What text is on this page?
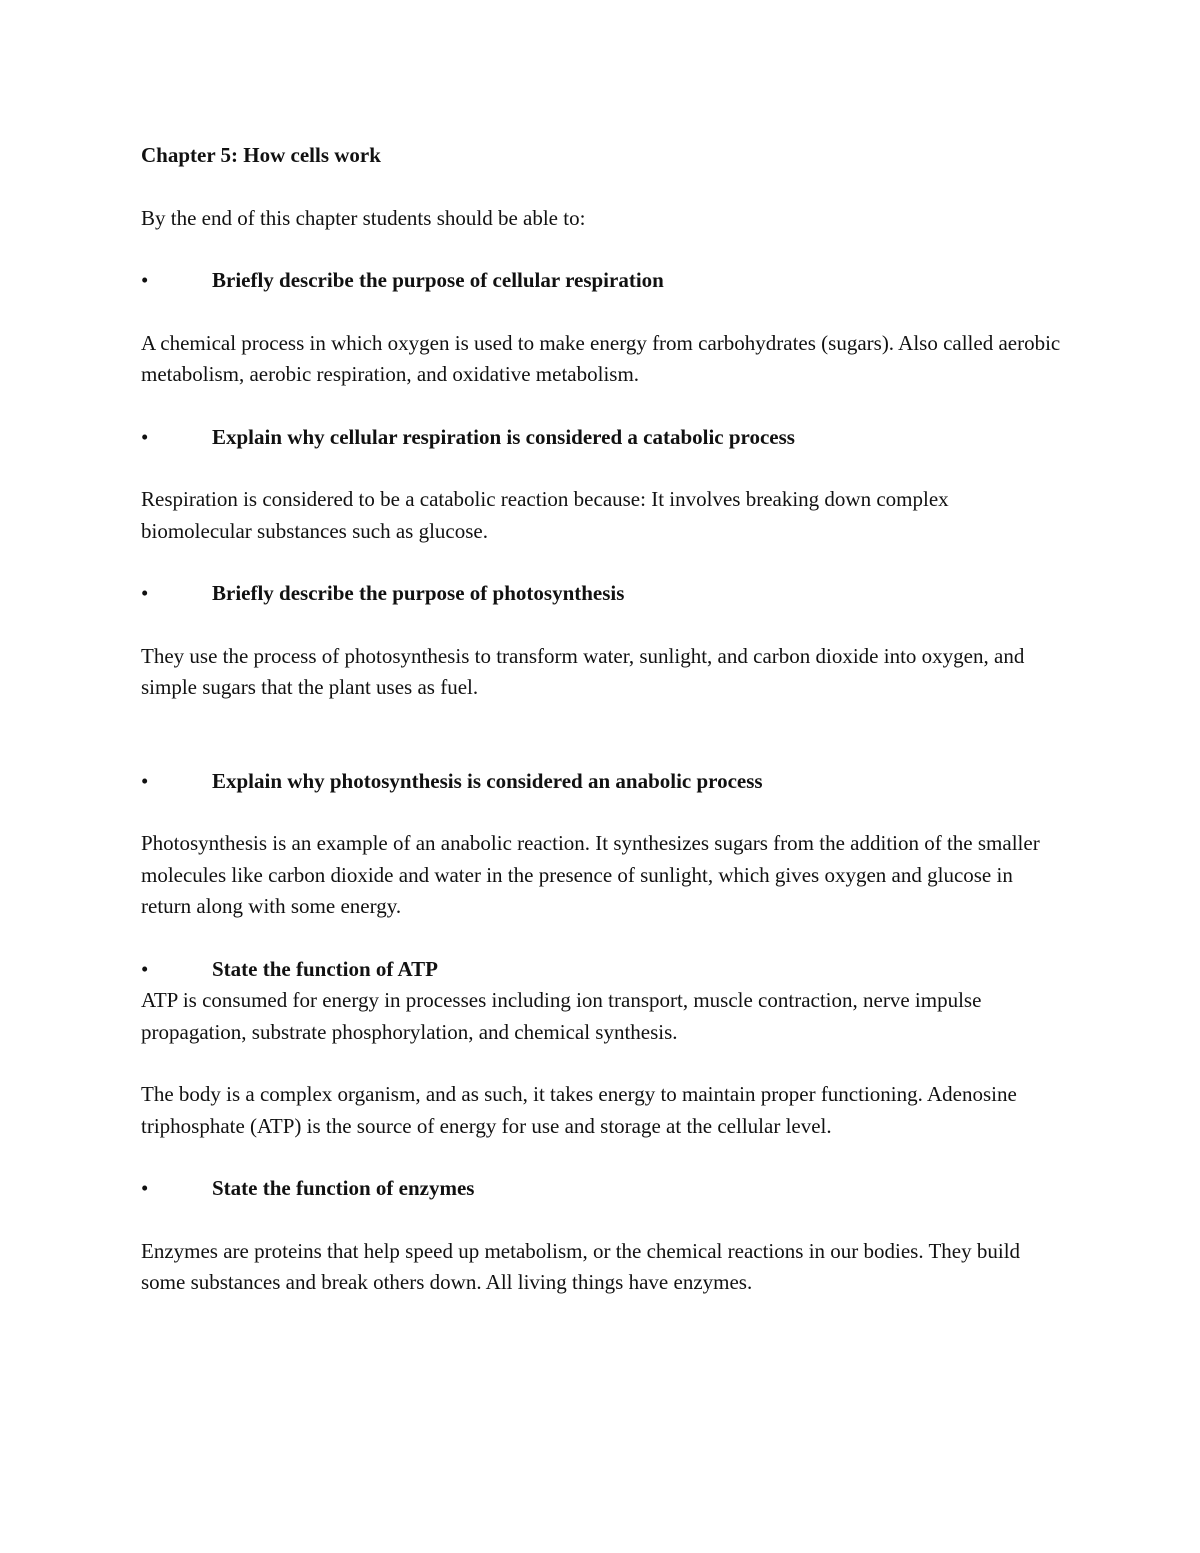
Chapter 5: How cells work

By the end of this chapter students should be able to:

•	Briefly describe the purpose of cellular respiration

A chemical process in which oxygen is used to make energy from carbohydrates (sugars). Also called aerobic metabolism, aerobic respiration, and oxidative metabolism.

•	Explain why cellular respiration is considered a catabolic process

Respiration is considered to be a catabolic reaction because: It involves breaking down complex biomolecular substances such as glucose.

•	Briefly describe the purpose of photosynthesis

They use the process of photosynthesis to transform water, sunlight, and carbon dioxide into oxygen, and simple sugars that the plant uses as fuel.

•	Explain why photosynthesis is considered an anabolic process

Photosynthesis is an example of an anabolic reaction. It synthesizes sugars from the addition of the smaller molecules like carbon dioxide and water in the presence of sunlight, which gives oxygen and glucose in return along with some energy.

•	State the function of ATP

ATP is consumed for energy in processes including ion transport, muscle contraction, nerve impulse propagation, substrate phosphorylation, and chemical synthesis.

The body is a complex organism, and as such, it takes energy to maintain proper functioning. Adenosine triphosphate (ATP) is the source of energy for use and storage at the cellular level.

•	State the function of enzymes

Enzymes are proteins that help speed up metabolism, or the chemical reactions in our bodies. They build some substances and break others down. All living things have enzymes.
